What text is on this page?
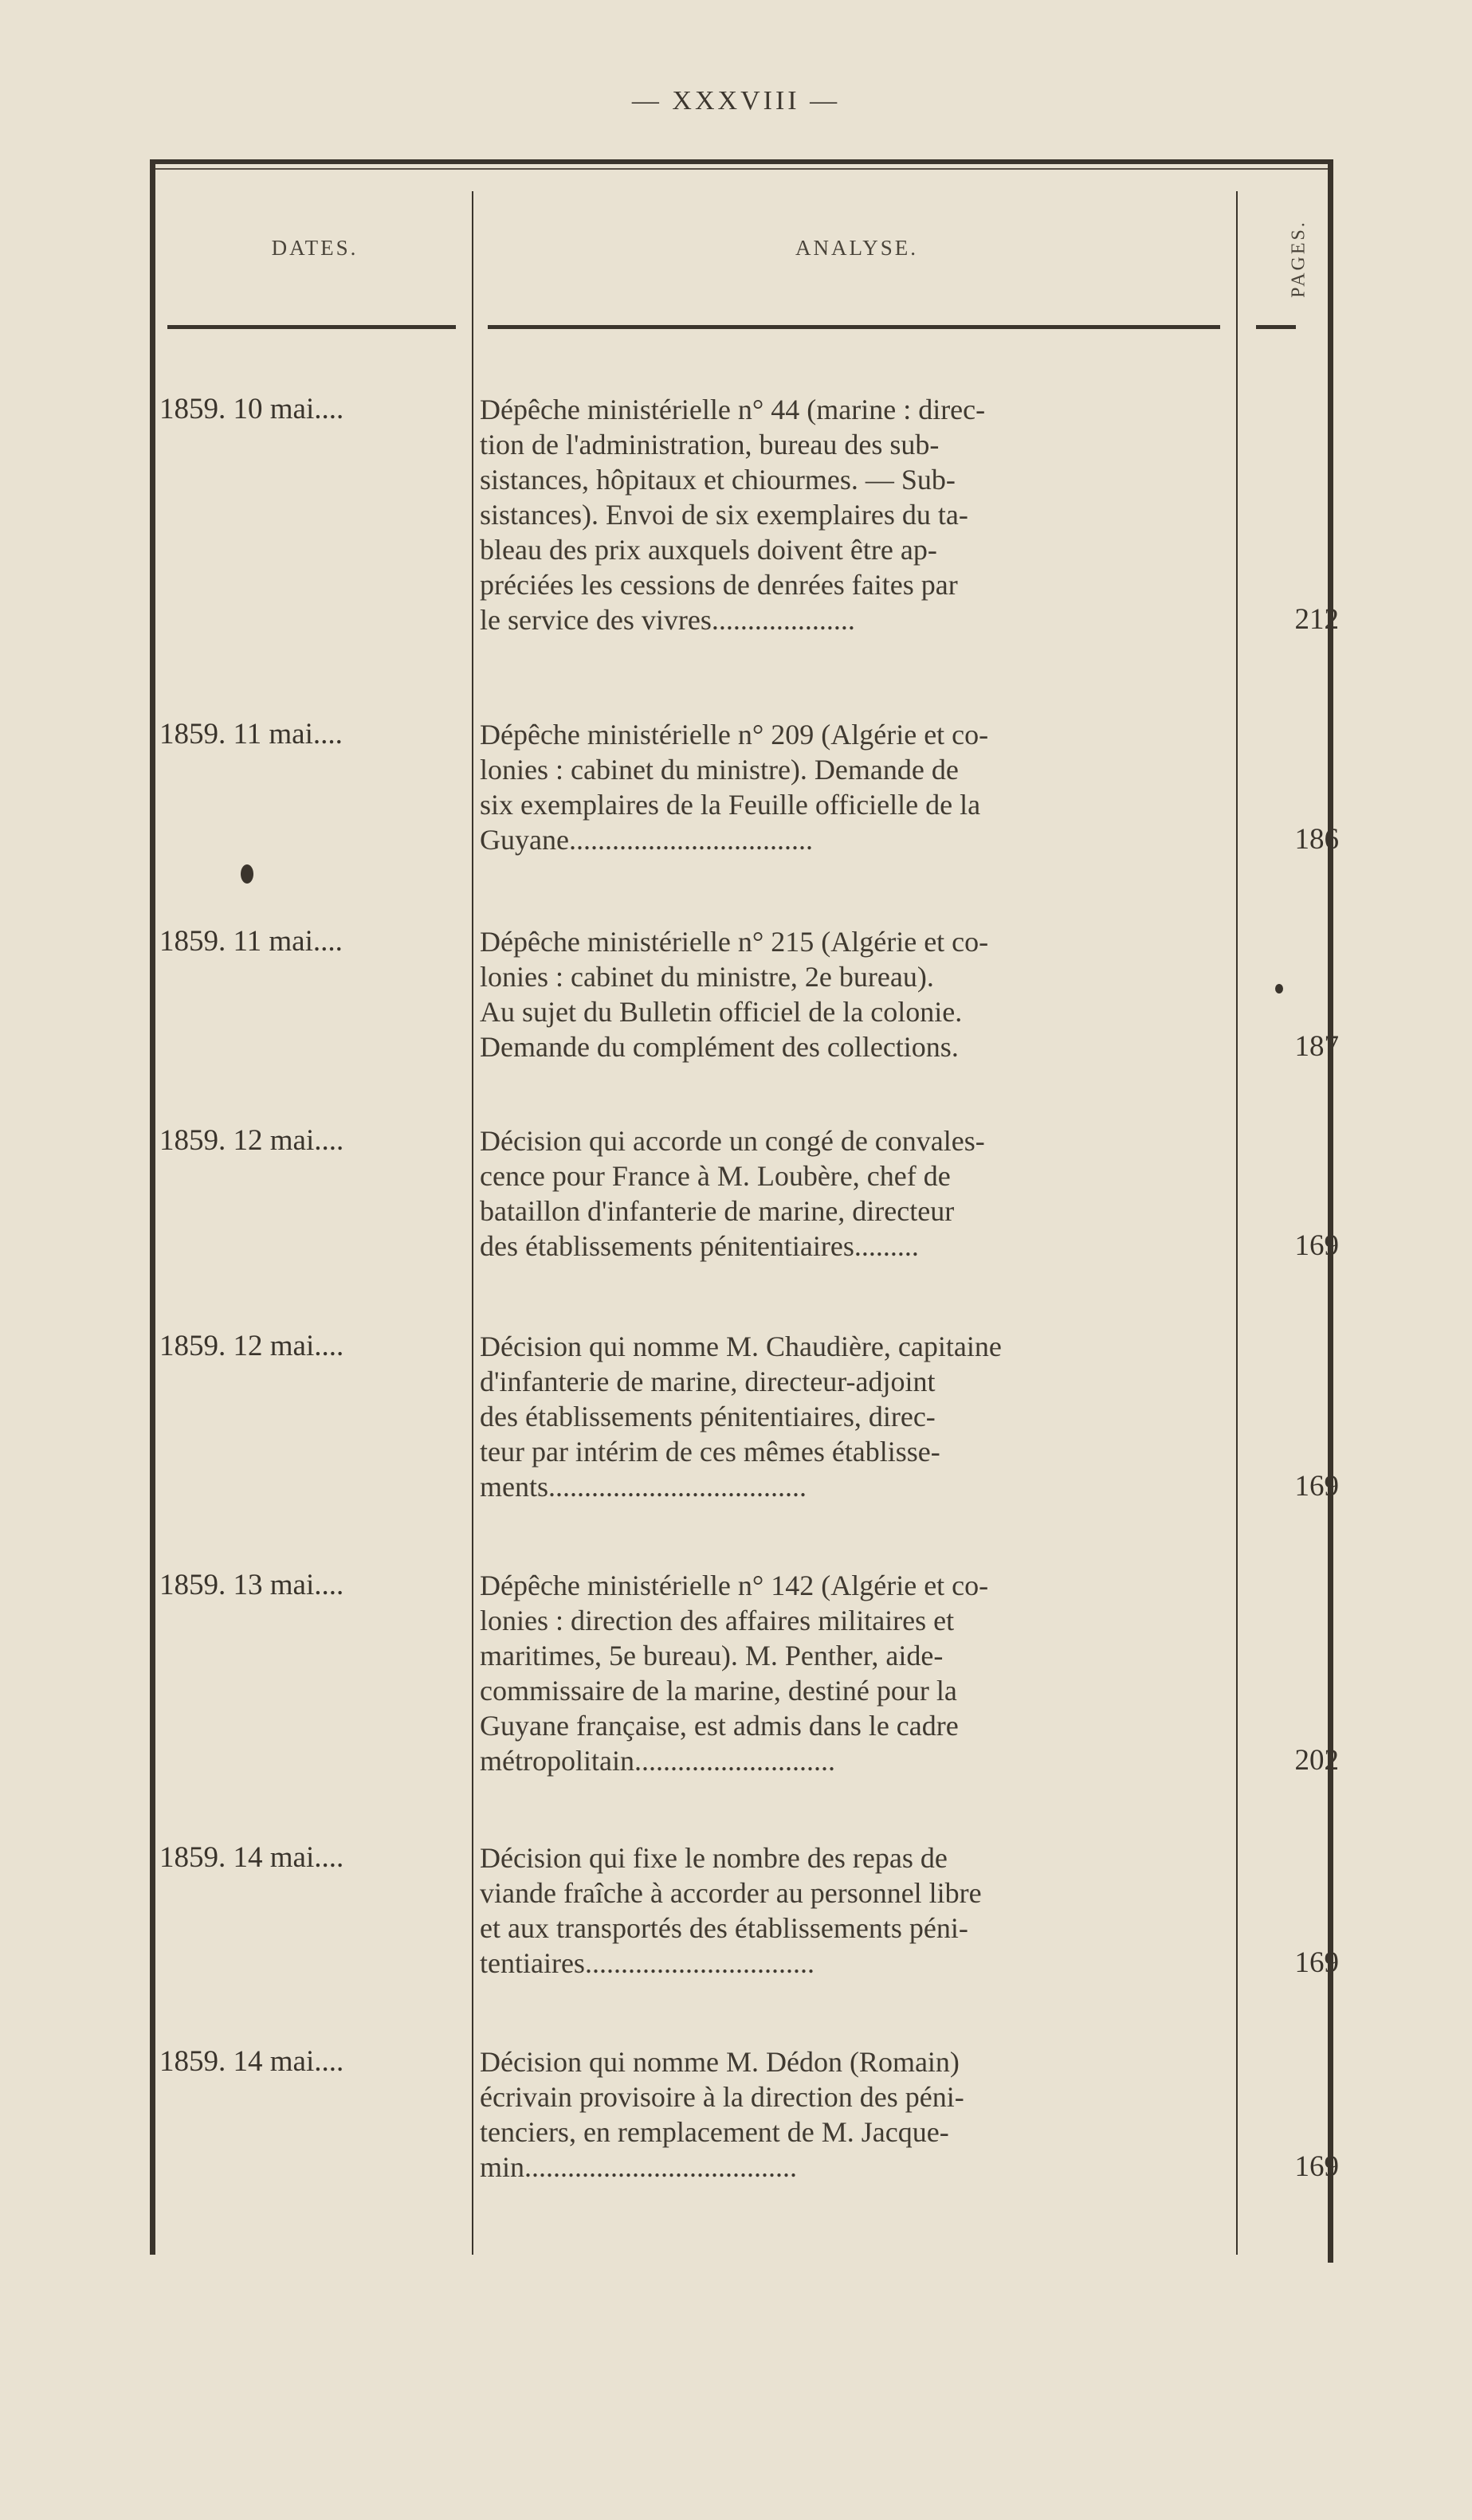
— XXXVIII —
DATES.	ANALYSE.	PAGES.
1859. 10 mai....	Dépêche ministérielle n° 44 (marine : direc-

tion de l'administration, bureau des sub-

sistances, hôpitaux et chiourmes. — Sub-

sistances). Envoi de six exemplaires du ta-

bleau des prix auxquels doivent être ap-

préciées les cessions de denrées faites par

le service des vivres....................	212
1859. 11 mai....	Dépêche ministérielle n° 209 (Algérie et co-

lonies : cabinet du ministre). Demande de

six exemplaires de la Feuille officielle de la

Guyane..................................	186
1859. 11 mai....	Dépêche ministérielle n° 215 (Algérie et co-

lonies : cabinet du ministre, 2e bureau).

Au sujet du Bulletin officiel de la colonie.

Demande du complément des collections.	187
1859. 12 mai....	Décision qui accorde un congé de convales-

cence pour France à M. Loubère, chef de

bataillon d'infanterie de marine, directeur

des établissements pénitentiaires.........	169
1859. 12 mai....	Décision qui nomme M. Chaudière, capitaine

d'infanterie de marine, directeur-adjoint

des établissements pénitentiaires, direc-

teur par intérim de ces mêmes établisse-

ments....................................	169
1859. 13 mai....	Dépêche ministérielle n° 142 (Algérie et co-

lonies : direction des affaires militaires et

maritimes, 5e bureau). M. Penther, aide-

commissaire de la marine, destiné pour la

Guyane française, est admis dans le cadre

métropolitain............................	202
1859. 14 mai....	Décision qui fixe le nombre des repas de

viande fraîche à accorder au personnel libre

et aux transportés des établissements péni-

tentiaires................................	169
1859. 14 mai....	Décision qui nomme M. Dédon (Romain)

écrivain provisoire à la direction des péni-

tenciers, en remplacement de M. Jacque-

min......................................	169
